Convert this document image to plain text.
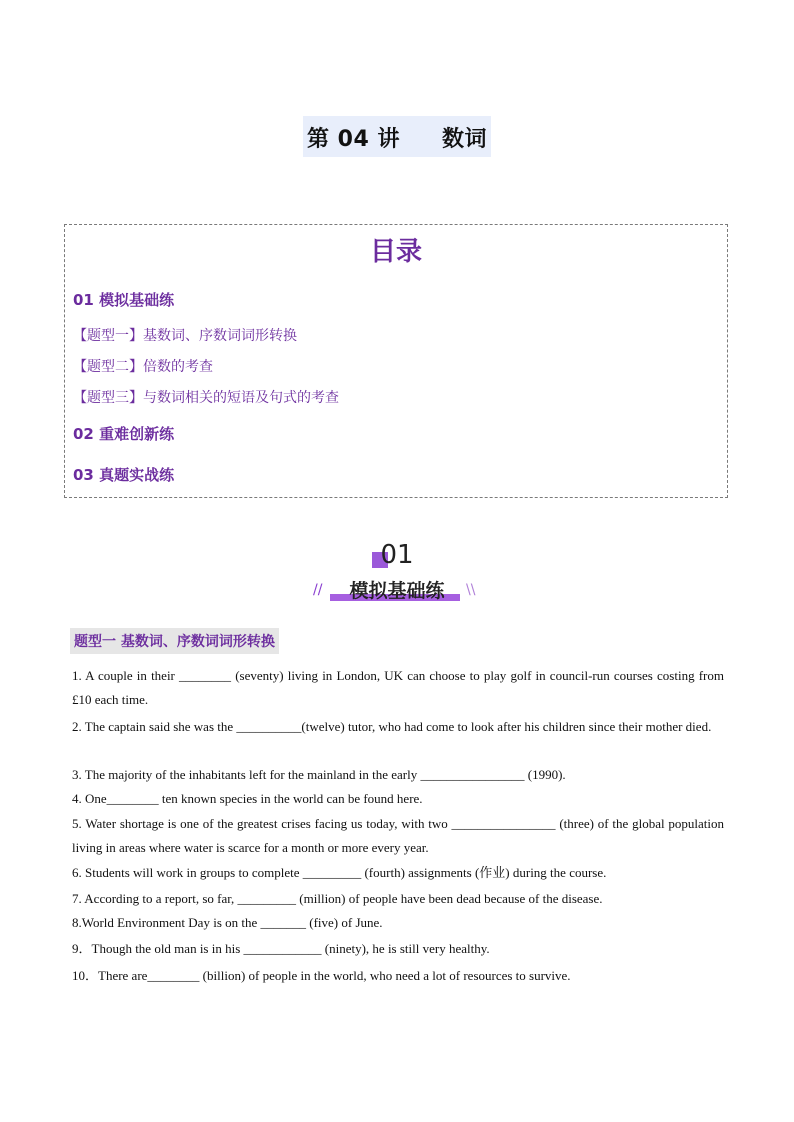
第 04 讲 数词
目录
01 模拟基础练
【题型一】基数词、序数词词形转换
【题型二】倍数的考查
【题型三】与数词相关的短语及句式的考查
02 重难创新练
03 真题实战练
01
模拟基础练
//	\\
题型一 基数词、序数词词形转换
1. A couple in their ________ (seventy) living in London, UK can choose to play golf in council-run courses costing from £10 each time.
2. The captain said she was the __________(twelve) tutor, who had come to look after his children since their mother died.
3. The majority of the inhabitants left for the mainland in the early ________________ (1990).
4. One________ ten known species in the world can be found here.
5. Water shortage is one of the greatest crises facing us today, with two ________________ (three) of the global population living in areas where water is scarce for a month or more every year.
6. Students will work in groups to complete _________ (fourth) assignments (作业) during the course.
7. According to a report, so far, _________ (million) of people have been dead because of the disease.
8.World Environment Day is on the _______ (five) of June.
9．Though the old man is in his ____________ (ninety), he is still very healthy.
10．There are________ (billion) of people in the world, who need a lot of resources to survive.
